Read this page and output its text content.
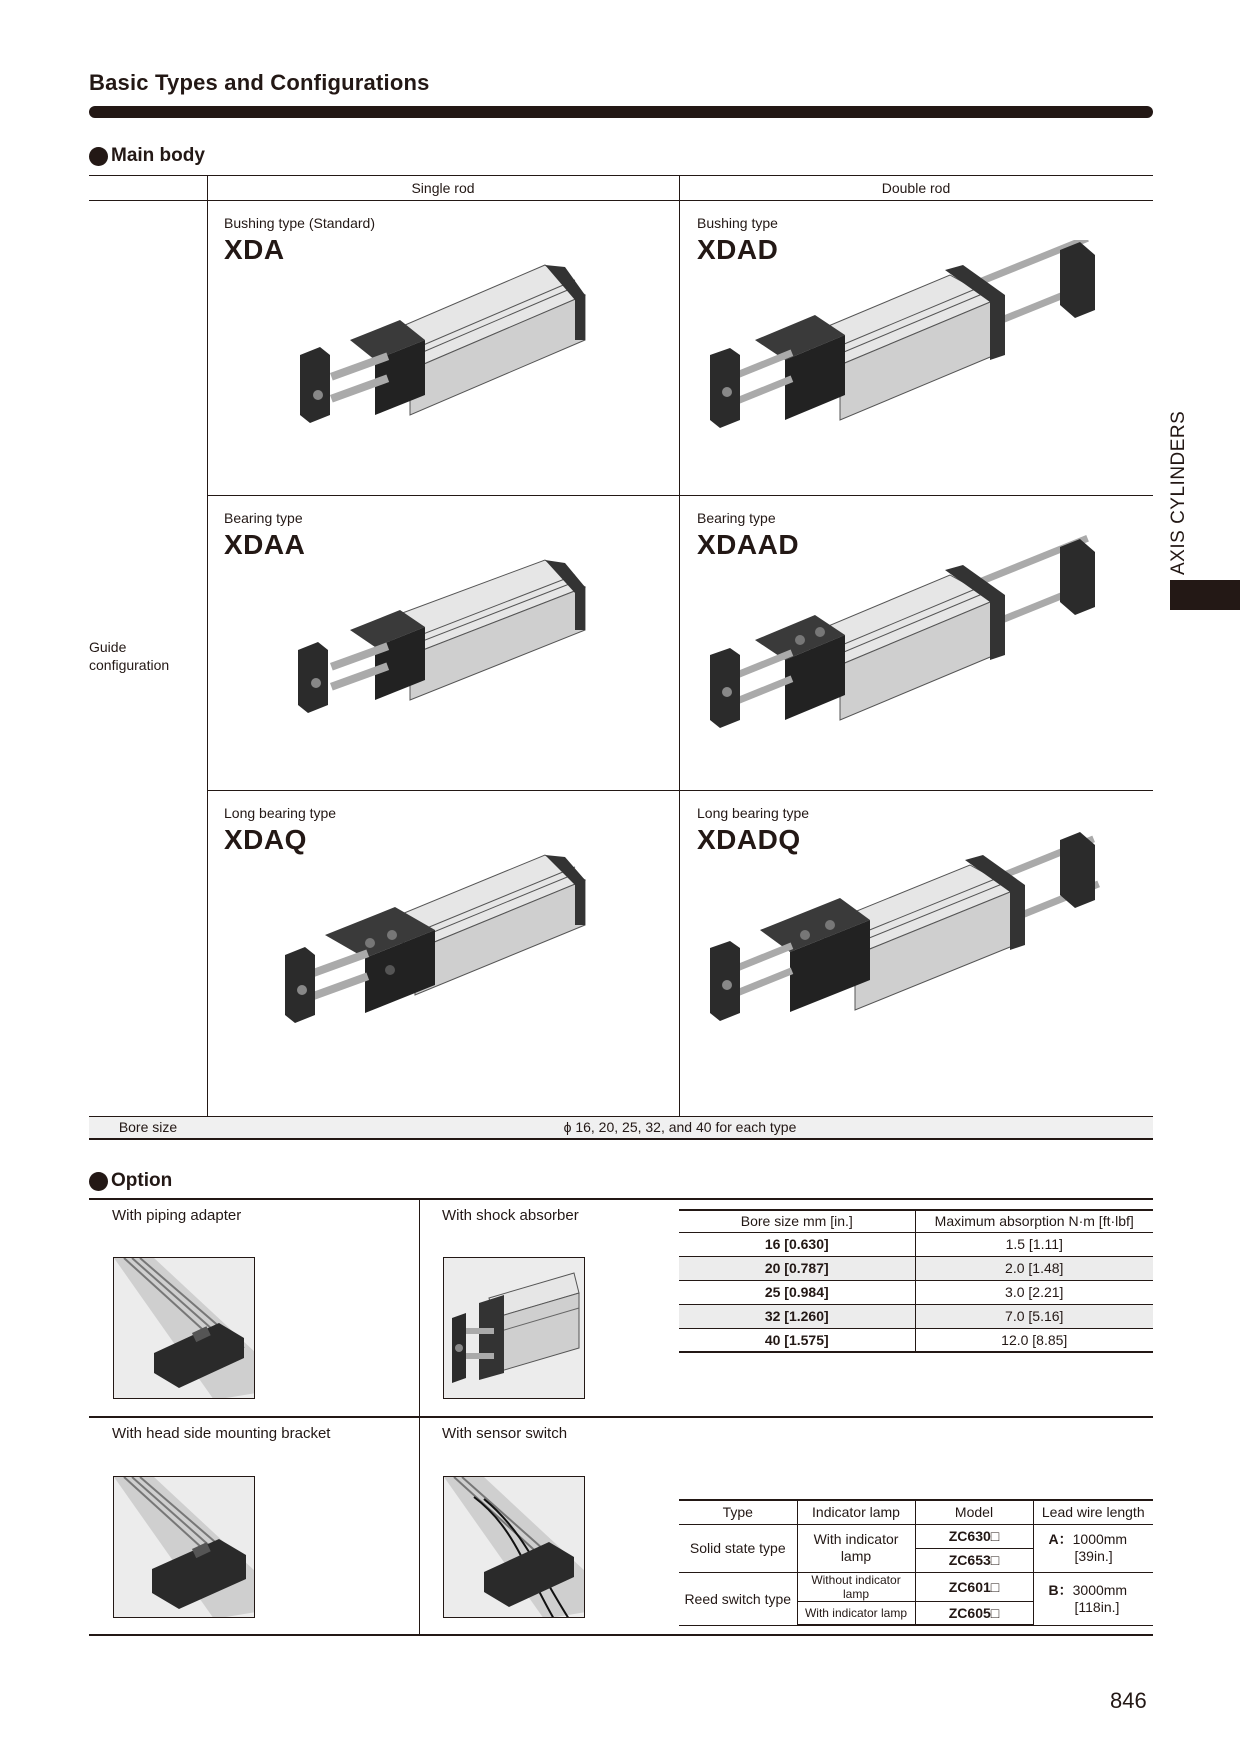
Basic Types and Configurations
AXIS CYLINDERS
Main body
Single rod	Double rod
Guide
configuration
Bushing type (Standard)
XDA
Bushing type
XDAD
Bearing type
XDAA
Bearing type
XDAAD
Long bearing type
XDAQ
Long bearing type
XDADQ
Bore size	ϕ 16, 20, 25, 32, and 40 for each type
Option
With piping adapter	With shock absorber
With head side mounting bracket	With sensor switch
Bore size mm [in.]	Maximum absorption N·m [ft·lbf]
16 [0.630]	1.5 [1.11]
20 [0.787]	2.0 [1.48]
25 [0.984]	3.0 [2.21]
32 [1.260]	7.0 [5.16]
40 [1.575]	12.0 [8.85]
Type	Indicator lamp	Model	Lead wire length
Solid state type	With indicator lamp	ZC630□	A：1000mm
[39in.]
		ZC653□	
Reed switch type	Without indicator lamp	ZC601□	B：3000mm
[118in.]
	With indicator lamp	ZC605□	
846
